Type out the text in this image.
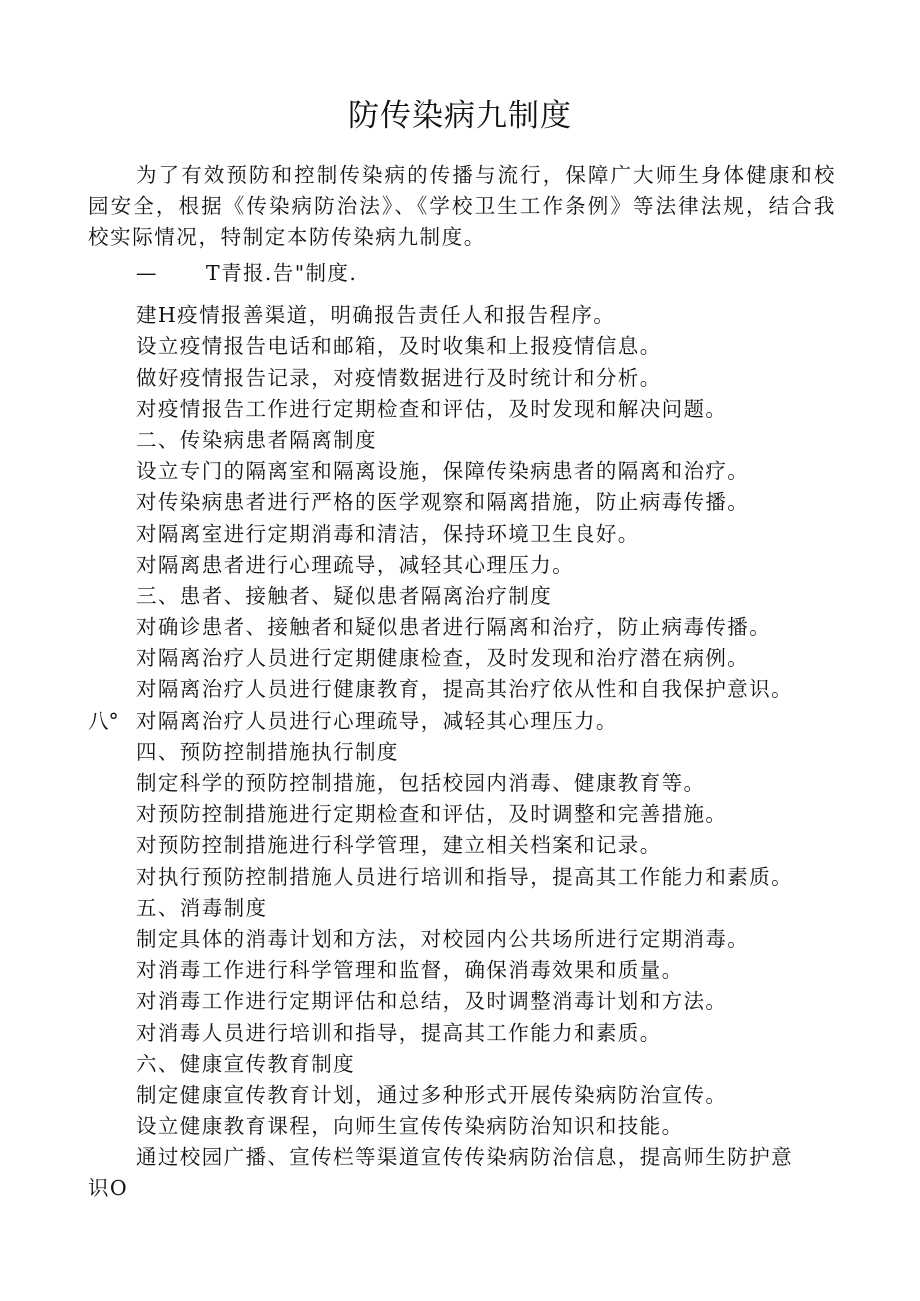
防传染病九制度
为了有效预防和控制传染病的传播与流行，保障广大师生身体健康和校园安全，根据《传染病防治法》、《学校卫生工作条例》等法律法规，结合我校实际情况，特制定本防传染病九制度。
— T青报.告"制度.
建H疫情报善渠道，明确报告责任人和报告程序。
设立疫情报告电话和邮箱，及时收集和上报疫情信息。
做好疫情报告记录，对疫情数据进行及时统计和分析。
对疫情报告工作进行定期检查和评估，及时发现和解决问题。
二、传染病患者隔离制度
设立专门的隔离室和隔离设施，保障传染病患者的隔离和治疗。
对传染病患者进行严格的医学观察和隔离措施，防止病毒传播。
对隔离室进行定期消毒和清洁，保持环境卫生良好。
对隔离患者进行心理疏导，减轻其心理压力。
三、患者、接触者、疑似患者隔离治疗制度
对确诊患者、接触者和疑似患者进行隔离和治疗，防止病毒传播。
对隔离治疗人员进行定期健康检查，及时发现和治疗潜在病例。
对隔离治疗人员进行健康教育，提高其治疗依从性和自我保护意识。
八° 对隔离治疗人员进行心理疏导，减轻其心理压力。
四、预防控制措施执行制度
制定科学的预防控制措施，包括校园内消毒、健康教育等。
对预防控制措施进行定期检查和评估，及时调整和完善措施。
对预防控制措施进行科学管理，建立相关档案和记录。
对执行预防控制措施人员进行培训和指导，提高其工作能力和素质。
五、消毒制度
制定具体的消毒计划和方法，对校园内公共场所进行定期消毒。
对消毒工作进行科学管理和监督，确保消毒效果和质量。
对消毒工作进行定期评估和总结，及时调整消毒计划和方法。
对消毒人员进行培训和指导，提高其工作能力和素质。
六、健康宣传教育制度
制定健康宣传教育计划，通过多种形式开展传染病防治宣传。
设立健康教育课程，向师生宣传传染病防治知识和技能。
通过校园广播、宣传栏等渠道宣传传染病防治信息，提高师生防护意
识O
